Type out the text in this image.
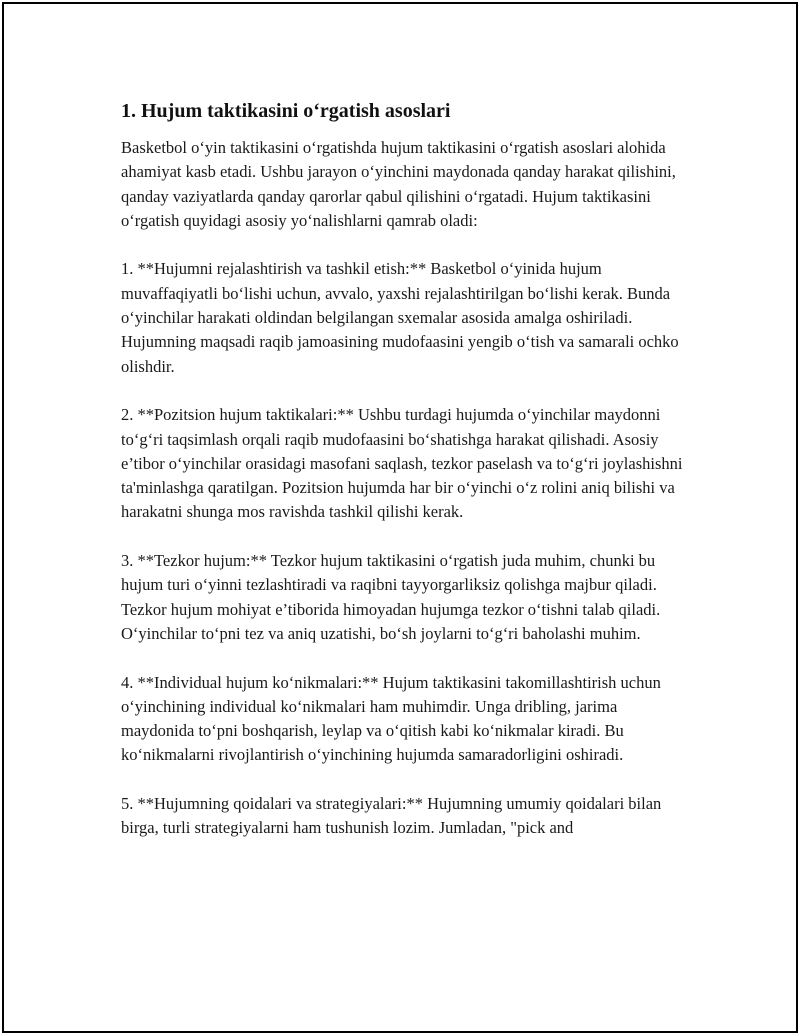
1. Hujum taktikasini o‘rgatish asoslari

Basketbol o‘yin taktikasini o‘rgatishda hujum taktikasini o‘rgatish asoslari alohida ahamiyat kasb etadi. Ushbu jarayon o‘yinchini maydonada qanday harakat qilishini, qanday vaziyatlarda qanday qarorlar qabul qilishini o‘rgatadi. Hujum taktikasini o‘rgatish quyidagi asosiy yo‘nalishlarni qamrab oladi:

1. **Hujumni rejalashtirish va tashkil etish:** Basketbol o‘yinida hujum muvaffaqiyatli bo‘lishi uchun, avvalo, yaxshi rejalashtirilgan bo‘lishi kerak. Bunda o‘yinchilar harakati oldindan belgilangan sxemalar asosida amalga oshiriladi. Hujumning maqsadi raqib jamoasining mudofaasini yengib o‘tish va samarali ochko olishdir.

2. **Pozitsion hujum taktikalari:** Ushbu turdagi hujumda o‘yinchilar maydonni to‘g‘ri taqsimlash orqali raqib mudofaasini bo‘shatishga harakat qilishadi. Asosiy e’tibor o‘yinchilar orasidagi masofani saqlash, tezkor paselash va to‘g‘ri joylashishni ta'minlashga qaratilgan. Pozitsion hujumda har bir o‘yinchi o‘z rolini aniq bilishi va harakatni shunga mos ravishda tashkil qilishi kerak.

3. **Tezkor hujum:** Tezkor hujum taktikasini o‘rgatish juda muhim, chunki bu hujum turi o‘yinni tezlashtiradi va raqibni tayyorgarliksiz qolishga majbur qiladi. Tezkor hujum mohiyat e’tiborida himoyadan hujumga tezkor o‘tishni talab qiladi. O‘yinchilar to‘pni tez va aniq uzatishi, bo‘sh joylarni to‘g‘ri baholashi muhim.

4. **Individual hujum ko‘nikmalari:** Hujum taktikasini takomillashtirish uchun o‘yinchining individual ko‘nikmalari ham muhimdir. Unga dribling, jarima maydonida to‘pni boshqarish, leylap va o‘qitish kabi ko‘nikmalar kiradi. Bu ko‘nikmalarni rivojlantirish o‘yinchining hujumda samaradorligini oshiradi.

5. **Hujumning qoidalari va strategiyalari:** Hujumning umumiy qoidalari bilan birga, turli strategiyalarni ham tushunish lozim. Jumladan, "pick and
